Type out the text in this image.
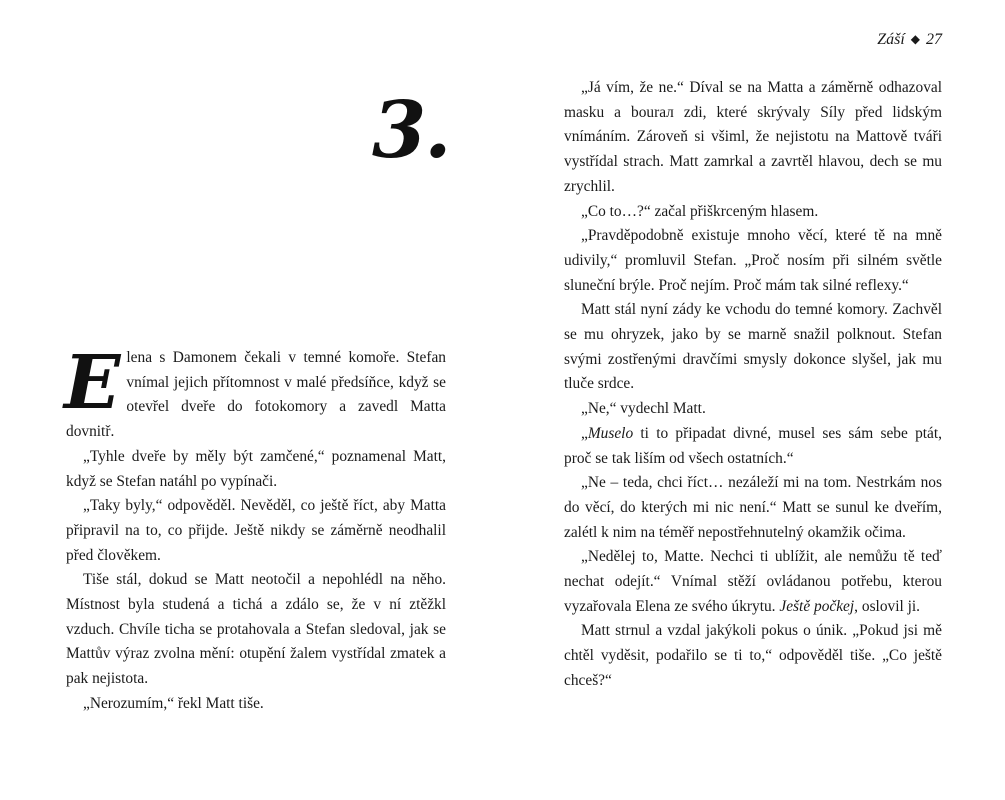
3.

Elena s Damonem čekali v temné komoře. Stefan vnímal jejich přítomnost v malé předsíňce, když se otevřel dveře do fotokomory a zavedl Matta dovnitř.

„Tyhle dveře by měly být zamčené,“ poznamenal Matt, když se Stefan natáhl po vypínači.

„Taky byly,“ odpověděl. Nevěděl, co ještě říct, aby Matta připravil na to, co přijde. Ještě nikdy se záměrně neodhalil před člověkem.

Tiše stál, dokud se Matt neotočil a nepohlédl na něho. Místnost byla studená a tichá a zdálo se, že v ní ztěžkl vzduch. Chvíle ticha se protahovala a Stefan sledoval, jak se Mattův výraz zvolna mění: otupění žalem vystřídal zmatek a pak nejistota.

„Nerozumím,“ řekl Matt tiše.

Záší ◆ 27

„Já vím, že ne.“ Díval se na Matta a záměrně odhazoval masku a bourал zdi, které skrývaly Síly před lidským vnímáním. Zároveň si všiml, že nejistotu na Mattově tváři vystřídal strach. Matt zamrkal a zavrtěl hlavou, dech se mu zrychlil.

„Co to…?“ začal přiškrceným hlasem.

„Pravděpodobně existuje mnoho věcí, které tě na mně udivily,“ promluvil Stefan. „Proč nosím při silném světle sluneční brýle. Proč nejím. Proč mám tak silné reflexy.“

Matt stál nyní zády ke vchodu do temné komory. Zachvěl se mu ohryzek, jako by se marně snažil polknout. Stefan svými zostřenými dravčími smysly dokonce slyšel, jak mu tluče srdce.

„Ne,“ vydechl Matt.

„Muselo ti to připadat divné, musel ses sám sebe ptát, proč se tak liším od všech ostatních.“

„Ne – teda, chci říct… nezáleží mi na tom. Nestrkám nos do věcí, do kterých mi nic není.“ Matt se sunul ke dveřím, zalétl k nim na téměř nepostřehnutelný okamžik očima.

„Nedělej to, Matte. Nechci ti ublížit, ale nemůžu tě teď nechat odejít.“ Vnímal stěží ovládanou potřebu, kterou vyzařovala Elena ze svého úkrytu. Ještě počkej, oslovil ji.

Matt strnul a vzdal jakýkoli pokus o únik. „Pokud jsi mě chtěl vyděsit, podařilo se ti to,“ odpověděl tiše. „Co ještě chceš?“
